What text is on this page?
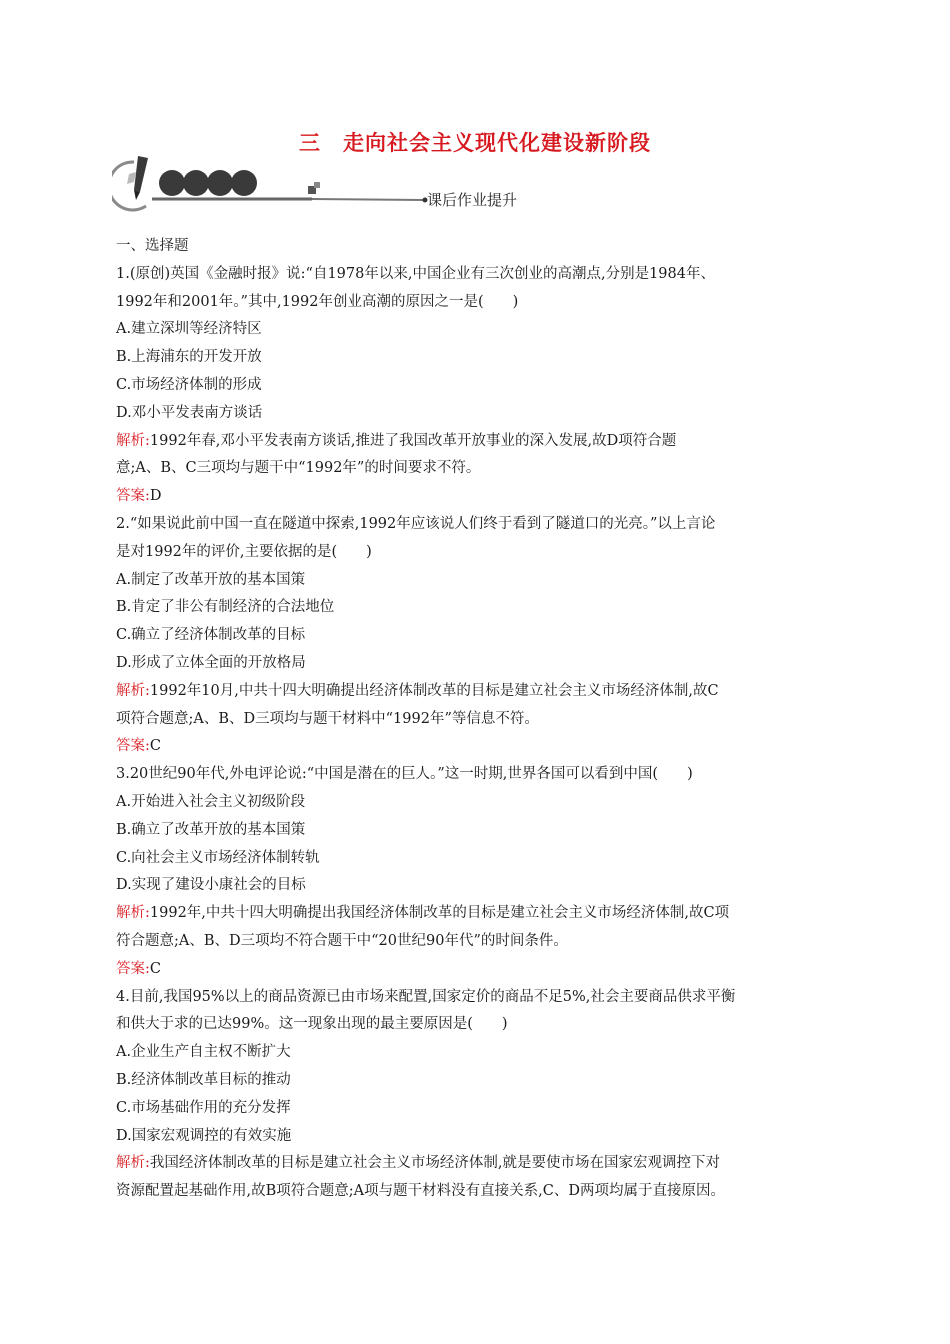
三　走向社会主义现代化建设新阶段
课后作业提升
一、选择题
1.(原创)英国《金融时报》说:“自1978年以来,中国企业有三次创业的高潮点,分别是1984年、
1992年和2001年。”其中,1992年创业高潮的原因之一是(　　)
A.建立深圳等经济特区
B.上海浦东的开发开放
C.市场经济体制的形成
D.邓小平发表南方谈话
解析:1992年春,邓小平发表南方谈话,推进了我国改革开放事业的深入发展,故D项符合题
意;A、B、C三项均与题干中“1992年”的时间要求不符。
答案:D
2.“如果说此前中国一直在隧道中探索,1992年应该说人们终于看到了隧道口的光亮。”以上言论
是对1992年的评价,主要依据的是(　　)
A.制定了改革开放的基本国策
B.肯定了非公有制经济的合法地位
C.确立了经济体制改革的目标
D.形成了立体全面的开放格局
解析:1992年10月,中共十四大明确提出经济体制改革的目标是建立社会主义市场经济体制,故C
项符合题意;A、B、D三项均与题干材料中“1992年”等信息不符。
答案:C
3.20世纪90年代,外电评论说:“中国是潜在的巨人。”这一时期,世界各国可以看到中国(　　)
A.开始进入社会主义初级阶段
B.确立了改革开放的基本国策
C.向社会主义市场经济体制转轨
D.实现了建设小康社会的目标
解析:1992年,中共十四大明确提出我国经济体制改革的目标是建立社会主义市场经济体制,故C项
符合题意;A、B、D三项均不符合题干中“20世纪90年代”的时间条件。
答案:C
4.目前,我国95%以上的商品资源已由市场来配置,国家定价的商品不足5%,社会主要商品供求平衡
和供大于求的已达99%。这一现象出现的最主要原因是(　　)
A.企业生产自主权不断扩大
B.经济体制改革目标的推动
C.市场基础作用的充分发挥
D.国家宏观调控的有效实施
解析:我国经济体制改革的目标是建立社会主义市场经济体制,就是要使市场在国家宏观调控下对
资源配置起基础作用,故B项符合题意;A项与题干材料没有直接关系,C、D两项均属于直接原因。
